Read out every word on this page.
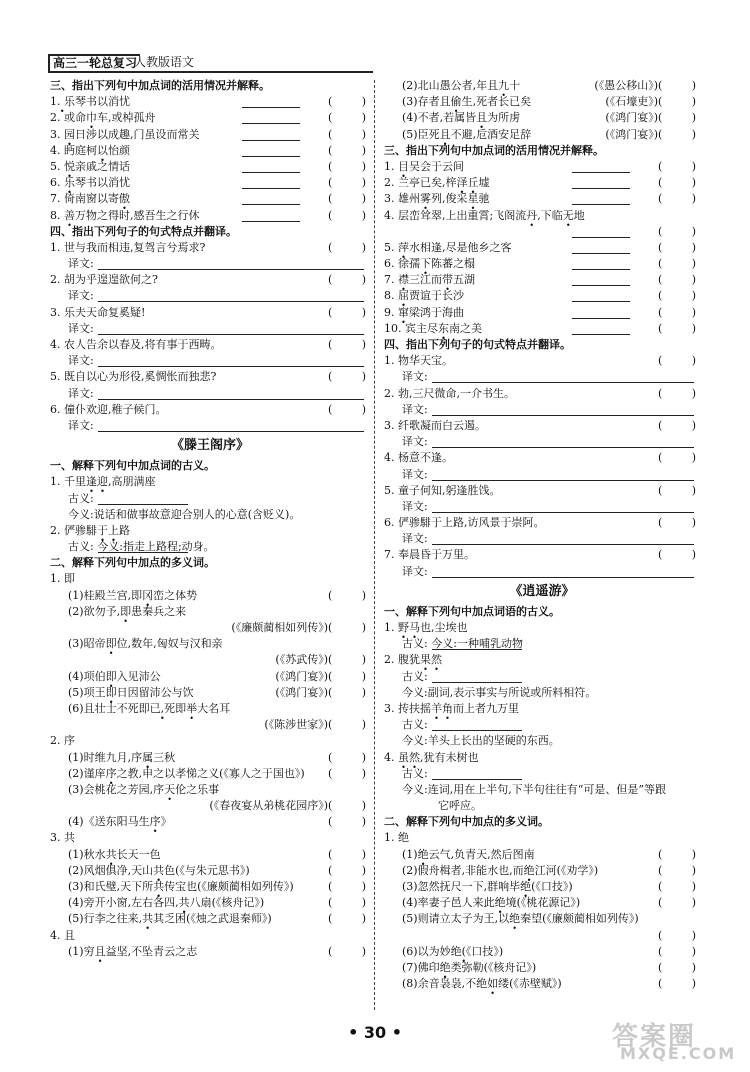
高三一轮总复习
人教版语文
三、指出下列句中加点词的活用情况并解释。
1. • 乐琴书以消忧
2. 或命巾车,或棹孤舟
3. 园日涉以成趣,门虽设而常关
4. 眄庭柯以怡颜
5. 悦亲戚之情话
6. 乐琴书以消忧
7. 倚南窗以寄傲
8. 善万物之得时,感吾生之行休
四、指出下列句子的句式特点并翻译。
1. 世与我而相违,复驾言兮焉求?
译文:
2. 胡为乎遑遑欲何之?
译文:
3. 乐夫天命复奚疑!
译文:
4. 农人告余以春及,将有事于西畴。
译文:
5. 既自以心为形役,奚惆怅而独悲?
译文:
6. 僮仆欢迎,稚子候门。
译文:
《滕王阁序》
一、解释下列句中加点词的古义。
1. 千里逢迎,高朋满座
古义:
今义:说话和做事故意迎合别人的心意(含贬义)。
2. 俨骖騑于上路
古义: 今义:指走上路程;动身。
二、解释下列句中加点的多义词。
1. 即
(1)桂殿兰宫,即冈峦之体势
(2)欲勿予,即患秦兵之来
(《廉颇蔺相如列传》)
(3)昭帝即位,数年,匈奴与汉和亲
(《苏武传》)
(4)项伯即入见沛公	(《鸿门宴》)
(5)项王即日因留沛公与饮	(《鸿门宴》)
(6)且壮士不死即已, •死即举大名耳
(《陈涉世家》)
2. 序
(1)时维九月,序属三秋
(2)谨庠序之教,申之以孝悌之义(《寡人之于国也》)
(3)会桃花之芳园,序天伦之乐事
(《春夜宴从弟桃花园序》)
(4)《送东阳马生序》
3. 共
(1)秋水共长天一色
(2)风烟俱净,天山共色(《与朱元思书》)
(3)和氏璧,天下所共传宝也(《廉颇蔺相如列传》)
(4)旁开小窗,左右各四,共八扇(《核舟记》)
(5)行李之往来,共其乏困(《烛之武退秦师》)
4. 且
(1)穷且益坚,不坠青云之志
(2)北山愚公者,年且九十	(《愚公移山》)
(3)存者且偷生,死者长已矣	(《石壕吏》)
(4)不者,若属皆且为所虏	(《鸿门宴》)
(5)臣死且不避,卮酒安足辞	(《鸿门宴》)
三、指出下列句中加点词的活用情况并解释。
1. 目吴会于云间
2. 兰亭已矣,梓泽丘墟
3. 雄州雾列,俊采星驰
4. 层峦耸翠,上出重霄;飞阁流丹,下临无地
5. 萍水相逢,尽是他乡之客
6. 徐孺下陈蕃之榻
7. 襟三江而带五湖
8. 屈贾谊于长沙
9. 窜梁鸿于海曲
10. 宾主尽东南之美
四、指出下列句子的句式特点并翻译。
1. 物华天宝。
译文:
2. 勃,三尺微命,一介书生。
译文:
3. 纤歌凝而白云遏。
译文:
4. 杨意不逢。
译文:
5. 童子何知,躬逢胜饯。
译文:
6. 俨骖騑于上路,访风景于崇阿。
译文:
7. 奉晨昏于万里。
译文:
《逍遥游》
一、解释下列句中加点词语的古义。
1. 野马也,尘埃也
古义: 今义:一种哺乳动物
2. 腹犹果然
古义:
今义:副词,表示事实与所说或所料相符。
3. 抟扶摇羊角而上者九万里
古义:
今义:羊头上长出的坚硬的东西。
4. 虽然,犹有未树也
古义:
今义:连词,用在上半句,下半句往往有“可是、但是”等跟
它呼应。
二、解释下列句中加点的多义词。
1. 绝
(1)绝云气,负青天,然后图南
(2)假舟楫者,非能水也,而绝江河(《劝学》)
(3)忽然抚尺一下,群响毕绝(《口技》)
(4)率妻子邑人来此绝境(《桃花源记》)
(5)则请立太子为王,以绝秦望(《廉颇蔺相如列传》)
(6)以为妙绝( •《口技》)
(7)佛印绝类弥勒(《核舟记》)
(8)余音袅袅,不绝如缕(《赤壁赋》)
• 30 •	答案圈
MXQE.COM
